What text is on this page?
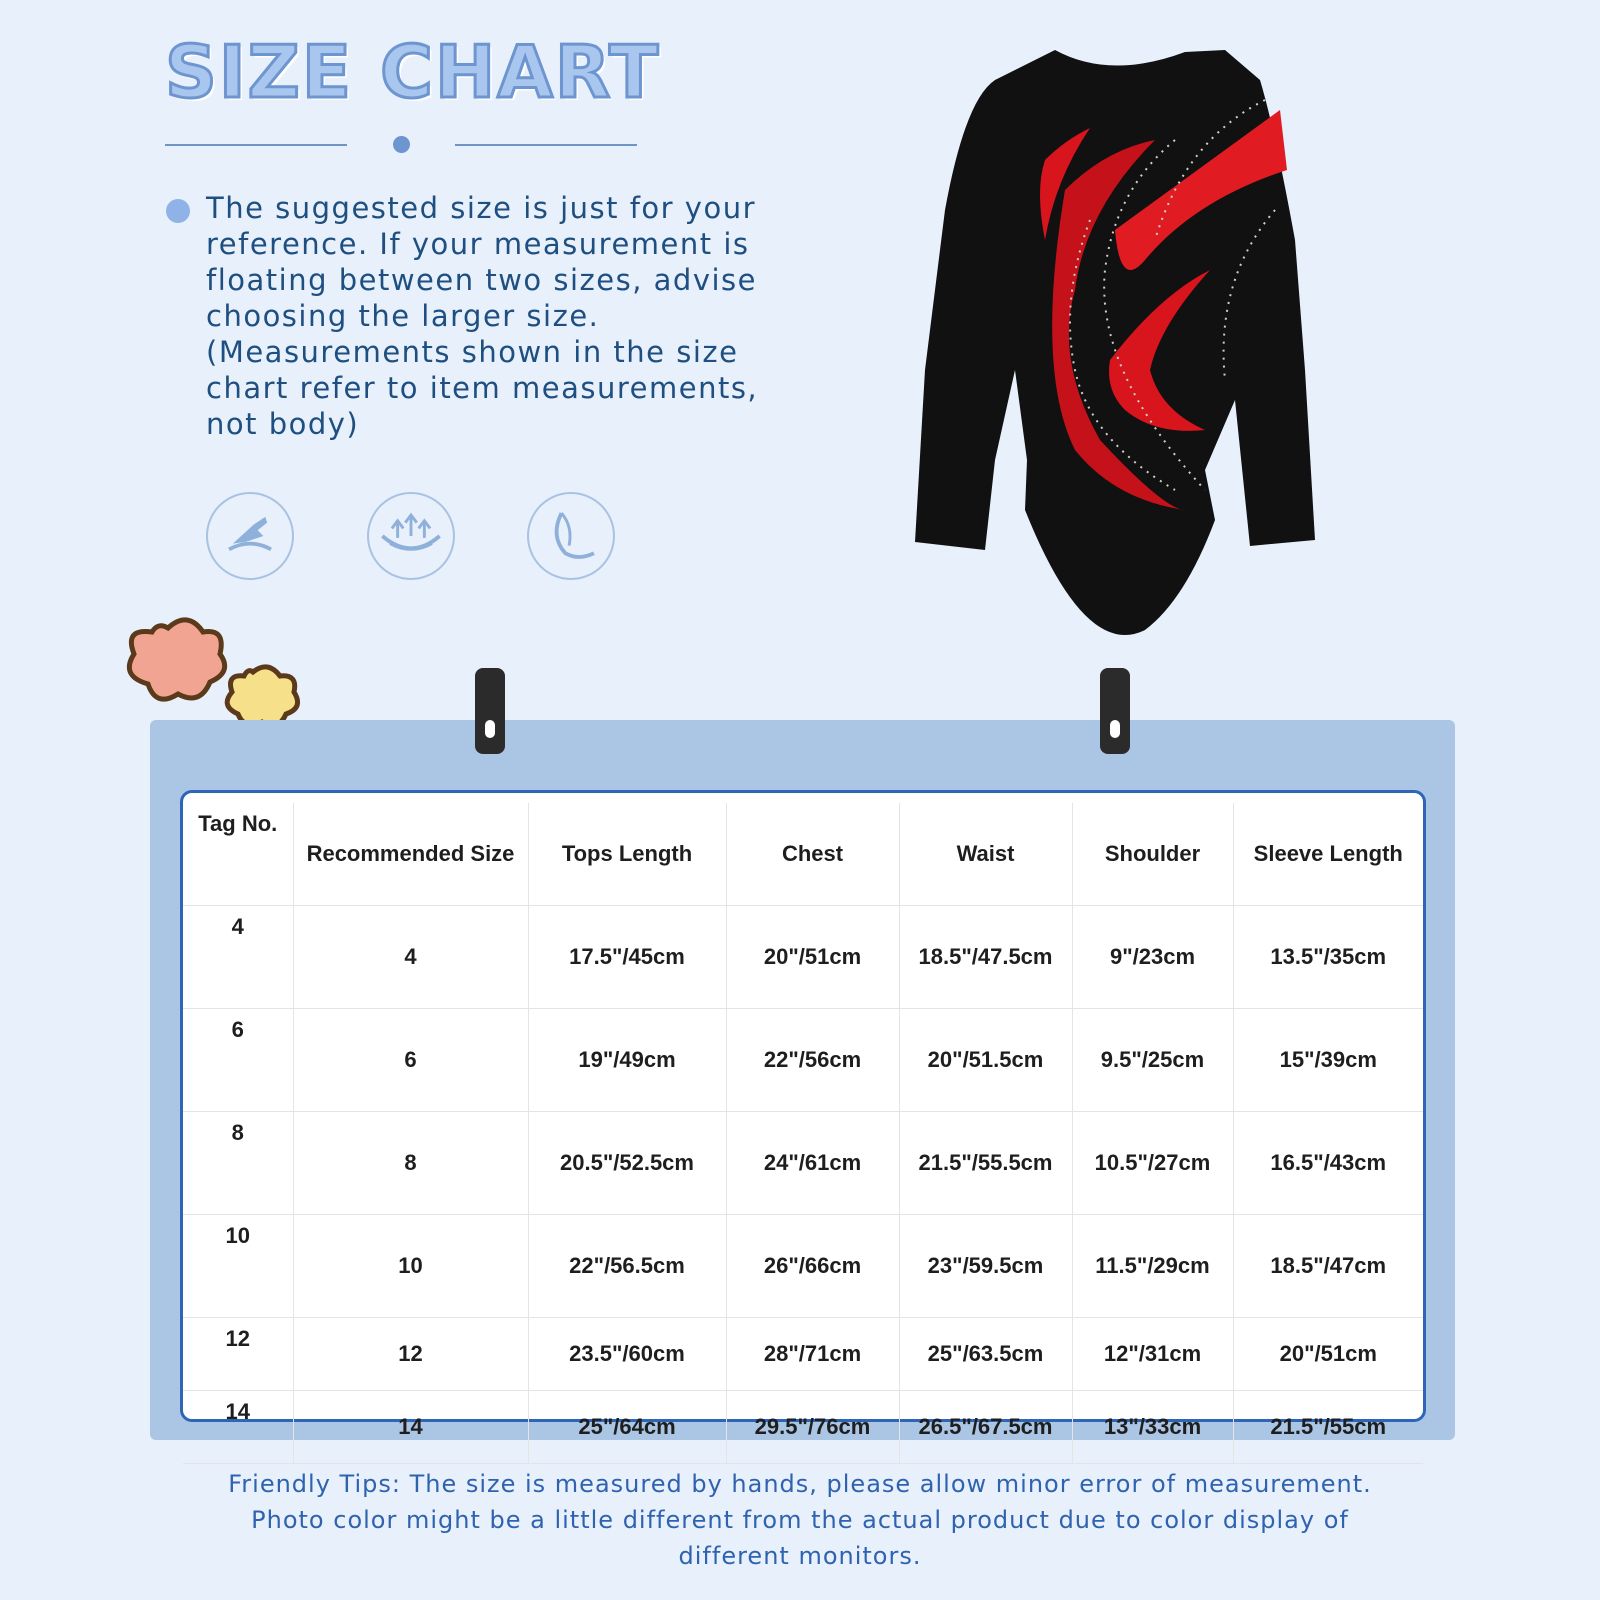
SIZE CHART
The suggested size is just for your
reference. If your measurement is
floating between two sizes, advise
choosing the larger size.
(Measurements shown in the size
chart refer to item measurements,
not body)
Tag No.	Recommended Size	Tops Length	Chest	Waist	Shoulder	Sleeve Length
4	4	17.5"/45cm	20"/51cm	18.5"/47.5cm	9"/23cm	13.5"/35cm
6	6	19"/49cm	22"/56cm	20"/51.5cm	9.5"/25cm	15"/39cm
8	8	20.5"/52.5cm	24"/61cm	21.5"/55.5cm	10.5"/27cm	16.5"/43cm
10	10	22"/56.5cm	26"/66cm	23"/59.5cm	11.5"/29cm	18.5"/47cm
12	12	23.5"/60cm	28"/71cm	25"/63.5cm	12"/31cm	20"/51cm
14	14	25"/64cm	29.5"/76cm	26.5"/67.5cm	13"/33cm	21.5"/55cm
Friendly Tips: The size is measured by hands, please allow minor error of measurement.
Photo color might be a little different from the actual product due to color display of
different monitors.
